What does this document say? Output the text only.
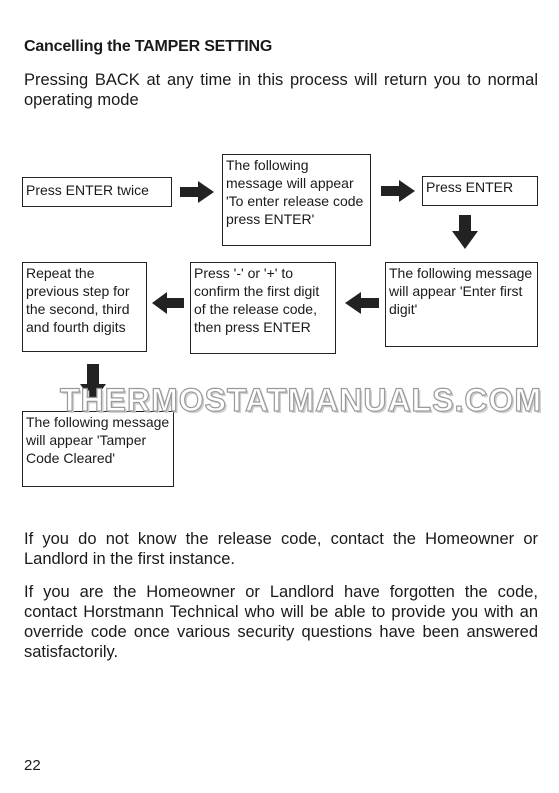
Cancelling the TAMPER SETTING
Pressing BACK at any time in this process will return you to normal operating mode
Press ENTER twice
The following message will appear 'To enter release code press ENTER'
Press ENTER
The following message will appear 'Enter first digit'
Press '-' or '+' to confirm the first digit of the release code, then press ENTER
Repeat the previous step for the second, third and fourth digits
The following message will appear 'Tamper Code Cleared'
THERMOSTATMANUALS.COM
If you do not know the release code, contact the Homeowner or Landlord in the first instance.
If you are the Homeowner or Landlord have forgotten the code, contact Horstmann Technical who will be able to provide you with an override code once various security questions have been answered satisfactorily.
22
